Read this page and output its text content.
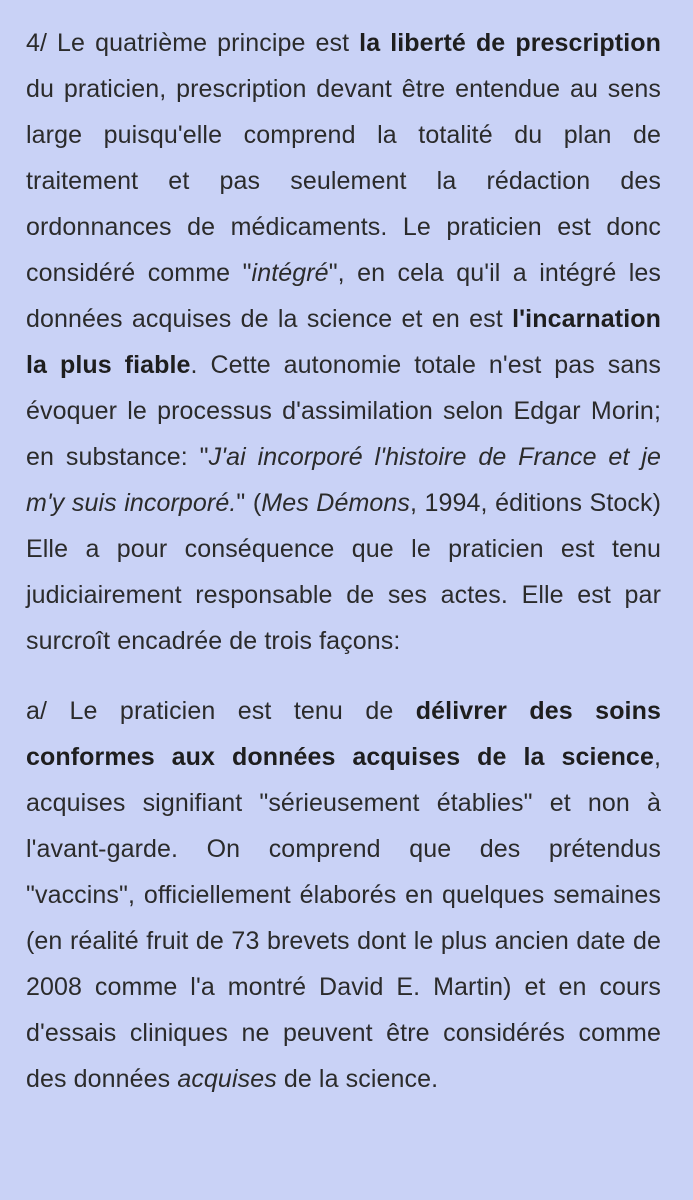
4/ Le quatrième principe est la liberté de prescription du praticien, prescription devant être entendue au sens large puisqu'elle comprend la totalité du plan de traitement et pas seulement la rédaction des ordonnances de médicaments. Le praticien est donc considéré comme "intégré", en cela qu'il a intégré les données acquises de la science et en est l'incarnation la plus fiable. Cette autonomie totale n'est pas sans évoquer le processus d'assimilation selon Edgar Morin; en substance: "J'ai incorporé l'histoire de France et je m'y suis incorporé." (Mes Démons, 1994, éditions Stock) Elle a pour conséquence que le praticien est tenu judiciairement responsable de ses actes. Elle est par surcroît encadrée de trois façons:

a/ Le praticien est tenu de délivrer des soins conformes aux données acquises de la science, acquises signifiant "sérieusement établies" et non à l'avant-garde. On comprend que des prétendus "vaccins", officiellement élaborés en quelques semaines (en réalité fruit de 73 brevets dont le plus ancien date de 2008 comme l'a montré David E. Martin) et en cours d'essais cliniques ne peuvent être considérés comme des données acquises de la science.
